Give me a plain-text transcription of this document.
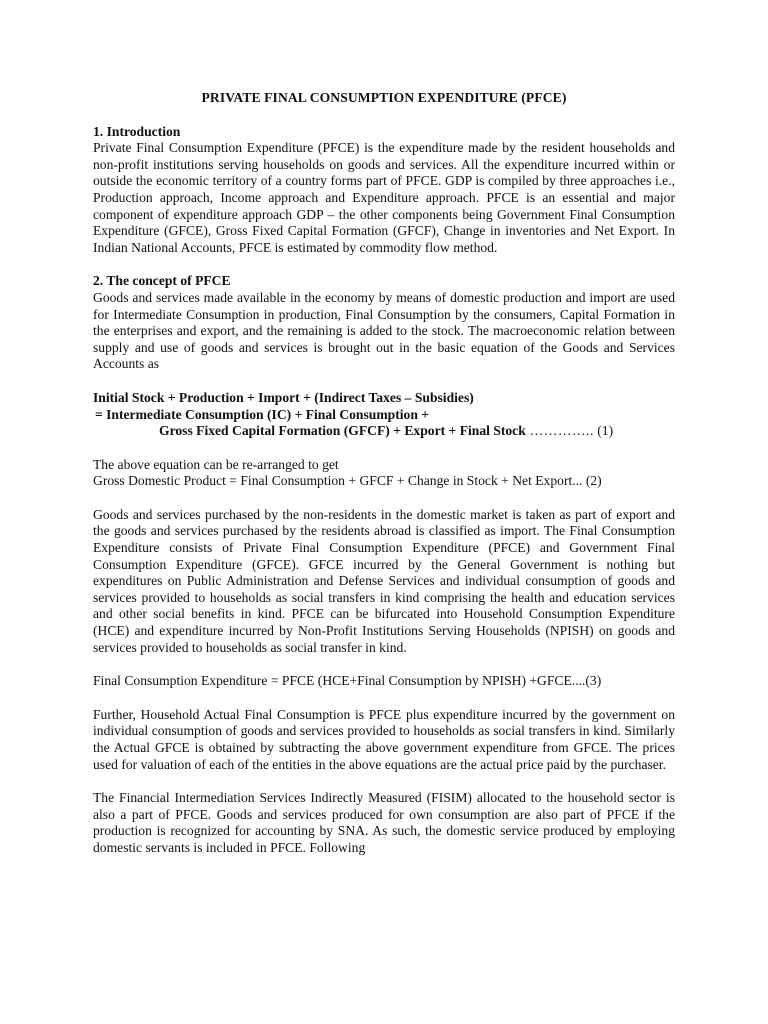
PRIVATE FINAL CONSUMPTION EXPENDITURE (PFCE)
1. Introduction

Private Final Consumption Expenditure (PFCE) is the expenditure made by the resident households and non-profit institutions serving households on goods and services. All the expenditure incurred within or outside the economic territory of a country forms part of PFCE. GDP is compiled by three approaches i.e., Production approach, Income approach and Expenditure approach. PFCE is an essential and major component of expenditure approach GDP – the other components being Government Final Consumption Expenditure (GFCE), Gross Fixed Capital Formation (GFCF), Change in inventories and Net Export. In Indian National Accounts, PFCE is estimated by commodity flow method.

2. The concept of PFCE

Goods and services made available in the economy by means of domestic production and import are used for Intermediate Consumption in production, Final Consumption by the consumers, Capital Formation in the enterprises and export, and the remaining is added to the stock. The macroeconomic relation between supply and use of goods and services is brought out in the basic equation of the Goods and Services Accounts as

Initial Stock + Production + Import + (Indirect Taxes – Subsidies)
= Intermediate Consumption (IC) + Final Consumption +
Gross Fixed Capital Formation (GFCF) + Export + Final Stock ………….. (1)
The above equation can be re-arranged to get
Gross Domestic Product = Final Consumption + GFCF + Change in Stock + Net Export... (2)

Goods and services purchased by the non-residents in the domestic market is taken as part of export and the goods and services purchased by the residents abroad is classified as import. The Final Consumption Expenditure consists of Private Final Consumption Expenditure (PFCE) and Government Final Consumption Expenditure (GFCE). GFCE incurred by the General Government is nothing but expenditures on Public Administration and Defense Services and individual consumption of goods and services provided to households as social transfers in kind comprising the health and education services and other social benefits in kind. PFCE can be bifurcated into Household Consumption Expenditure (HCE) and expenditure incurred by Non-Profit Institutions Serving Households (NPISH) on goods and services provided to households as social transfer in kind.

Final Consumption Expenditure = PFCE (HCE+Final Consumption by NPISH) +GFCE....(3)

Further, Household Actual Final Consumption is PFCE plus expenditure incurred by the government on individual consumption of goods and services provided to households as social transfers in kind. Similarly the Actual GFCE is obtained by subtracting the above government expenditure from GFCE. The prices used for valuation of each of the entities in the above equations are the actual price paid by the purchaser.

The Financial Intermediation Services Indirectly Measured (FISIM) allocated to the household sector is also a part of PFCE. Goods and services produced for own consumption are also part of PFCE if the production is recognized for accounting by SNA. As such, the domestic service produced by employing domestic servants is included in PFCE. Following
